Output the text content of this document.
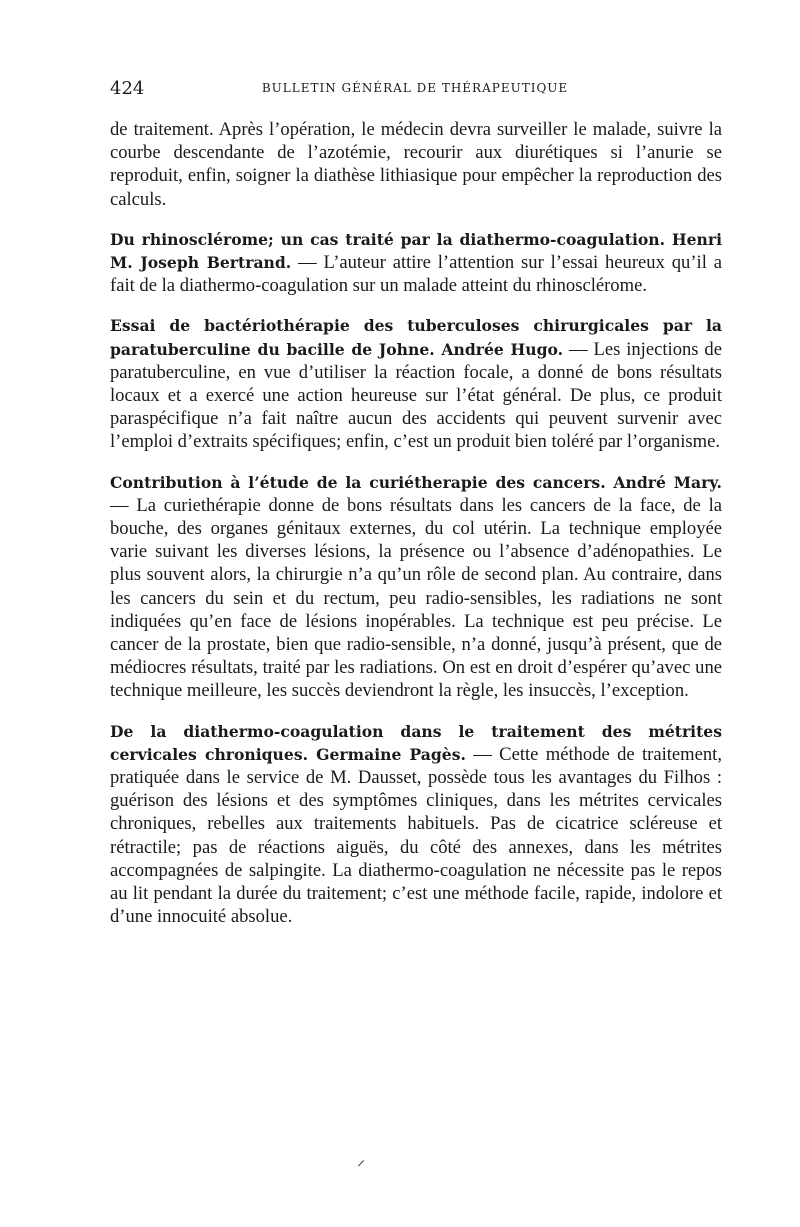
424	BULLETIN GÉNÉRAL DE THÉRAPEUTIQUE

de traitement. Après l’opération, le médecin devra surveiller le malade, suivre la courbe descendante de l’azotémie, recourir aux diurétiques si l’anurie se reproduit, enfin, soigner la diathèse lithiasique pour empêcher la reproduction des calculs.

Du rhinosclérome; un cas traité par la diathermo-coagulation. Henri M. Joseph Bertrand. — L’auteur attire l’attention sur l’essai heureux qu’il a fait de la diathermo-coagulation sur un malade atteint du rhinosclérome.

Essai de bactériothérapie des tuberculoses chirurgicales par la paratuberculine du bacille de Johne. Andrée Hugo. — Les injections de paratuberculine, en vue d’utiliser la réaction focale, a donné de bons résultats locaux et a exercé une action heureuse sur l’état général. De plus, ce produit paraspécifique n’a fait naître aucun des accidents qui peuvent survenir avec l’emploi d’extraits spécifiques; enfin, c’est un produit bien toléré par l’organisme.

Contribution à l’étude de la curiétherapie des cancers. André Mary. — La curiethérapie donne de bons résultats dans les cancers de la face, de la bouche, des organes génitaux externes, du col utérin. La technique employée varie suivant les diverses lésions, la présence ou l’absence d’adénopathies. Le plus souvent alors, la chirurgie n’a qu’un rôle de second plan. Au contraire, dans les cancers du sein et du rectum, peu radio-sensibles, les radiations ne sont indiquées qu’en face de lésions inopérables. La technique est peu précise. Le cancer de la prostate, bien que radio-sensible, n’a donné, jusqu’à présent, que de médiocres résultats, traité par les radiations. On est en droit d’espérer qu’avec une technique meilleure, les succès deviendront la règle, les insuccès, l’exception.

De la diathermo-coagulation dans le traitement des métrites cervicales chroniques. Germaine Pagès. — Cette méthode de traitement, pratiquée dans le service de M. Dausset, possède tous les avantages du Filhos : guérison des lésions et des symptômes cliniques, dans les métrites cervicales chroniques, rebelles aux traitements habituels. Pas de cicatrice scléreuse et rétractile; pas de réactions aiguës, du côté des annexes, dans les métrites accompagnées de salpingite. La diathermo-coagulation ne nécessite pas le repos au lit pendant la durée du traitement; c’est une méthode facile, rapide, indolore et d’une innocuité absolue.

⸝
